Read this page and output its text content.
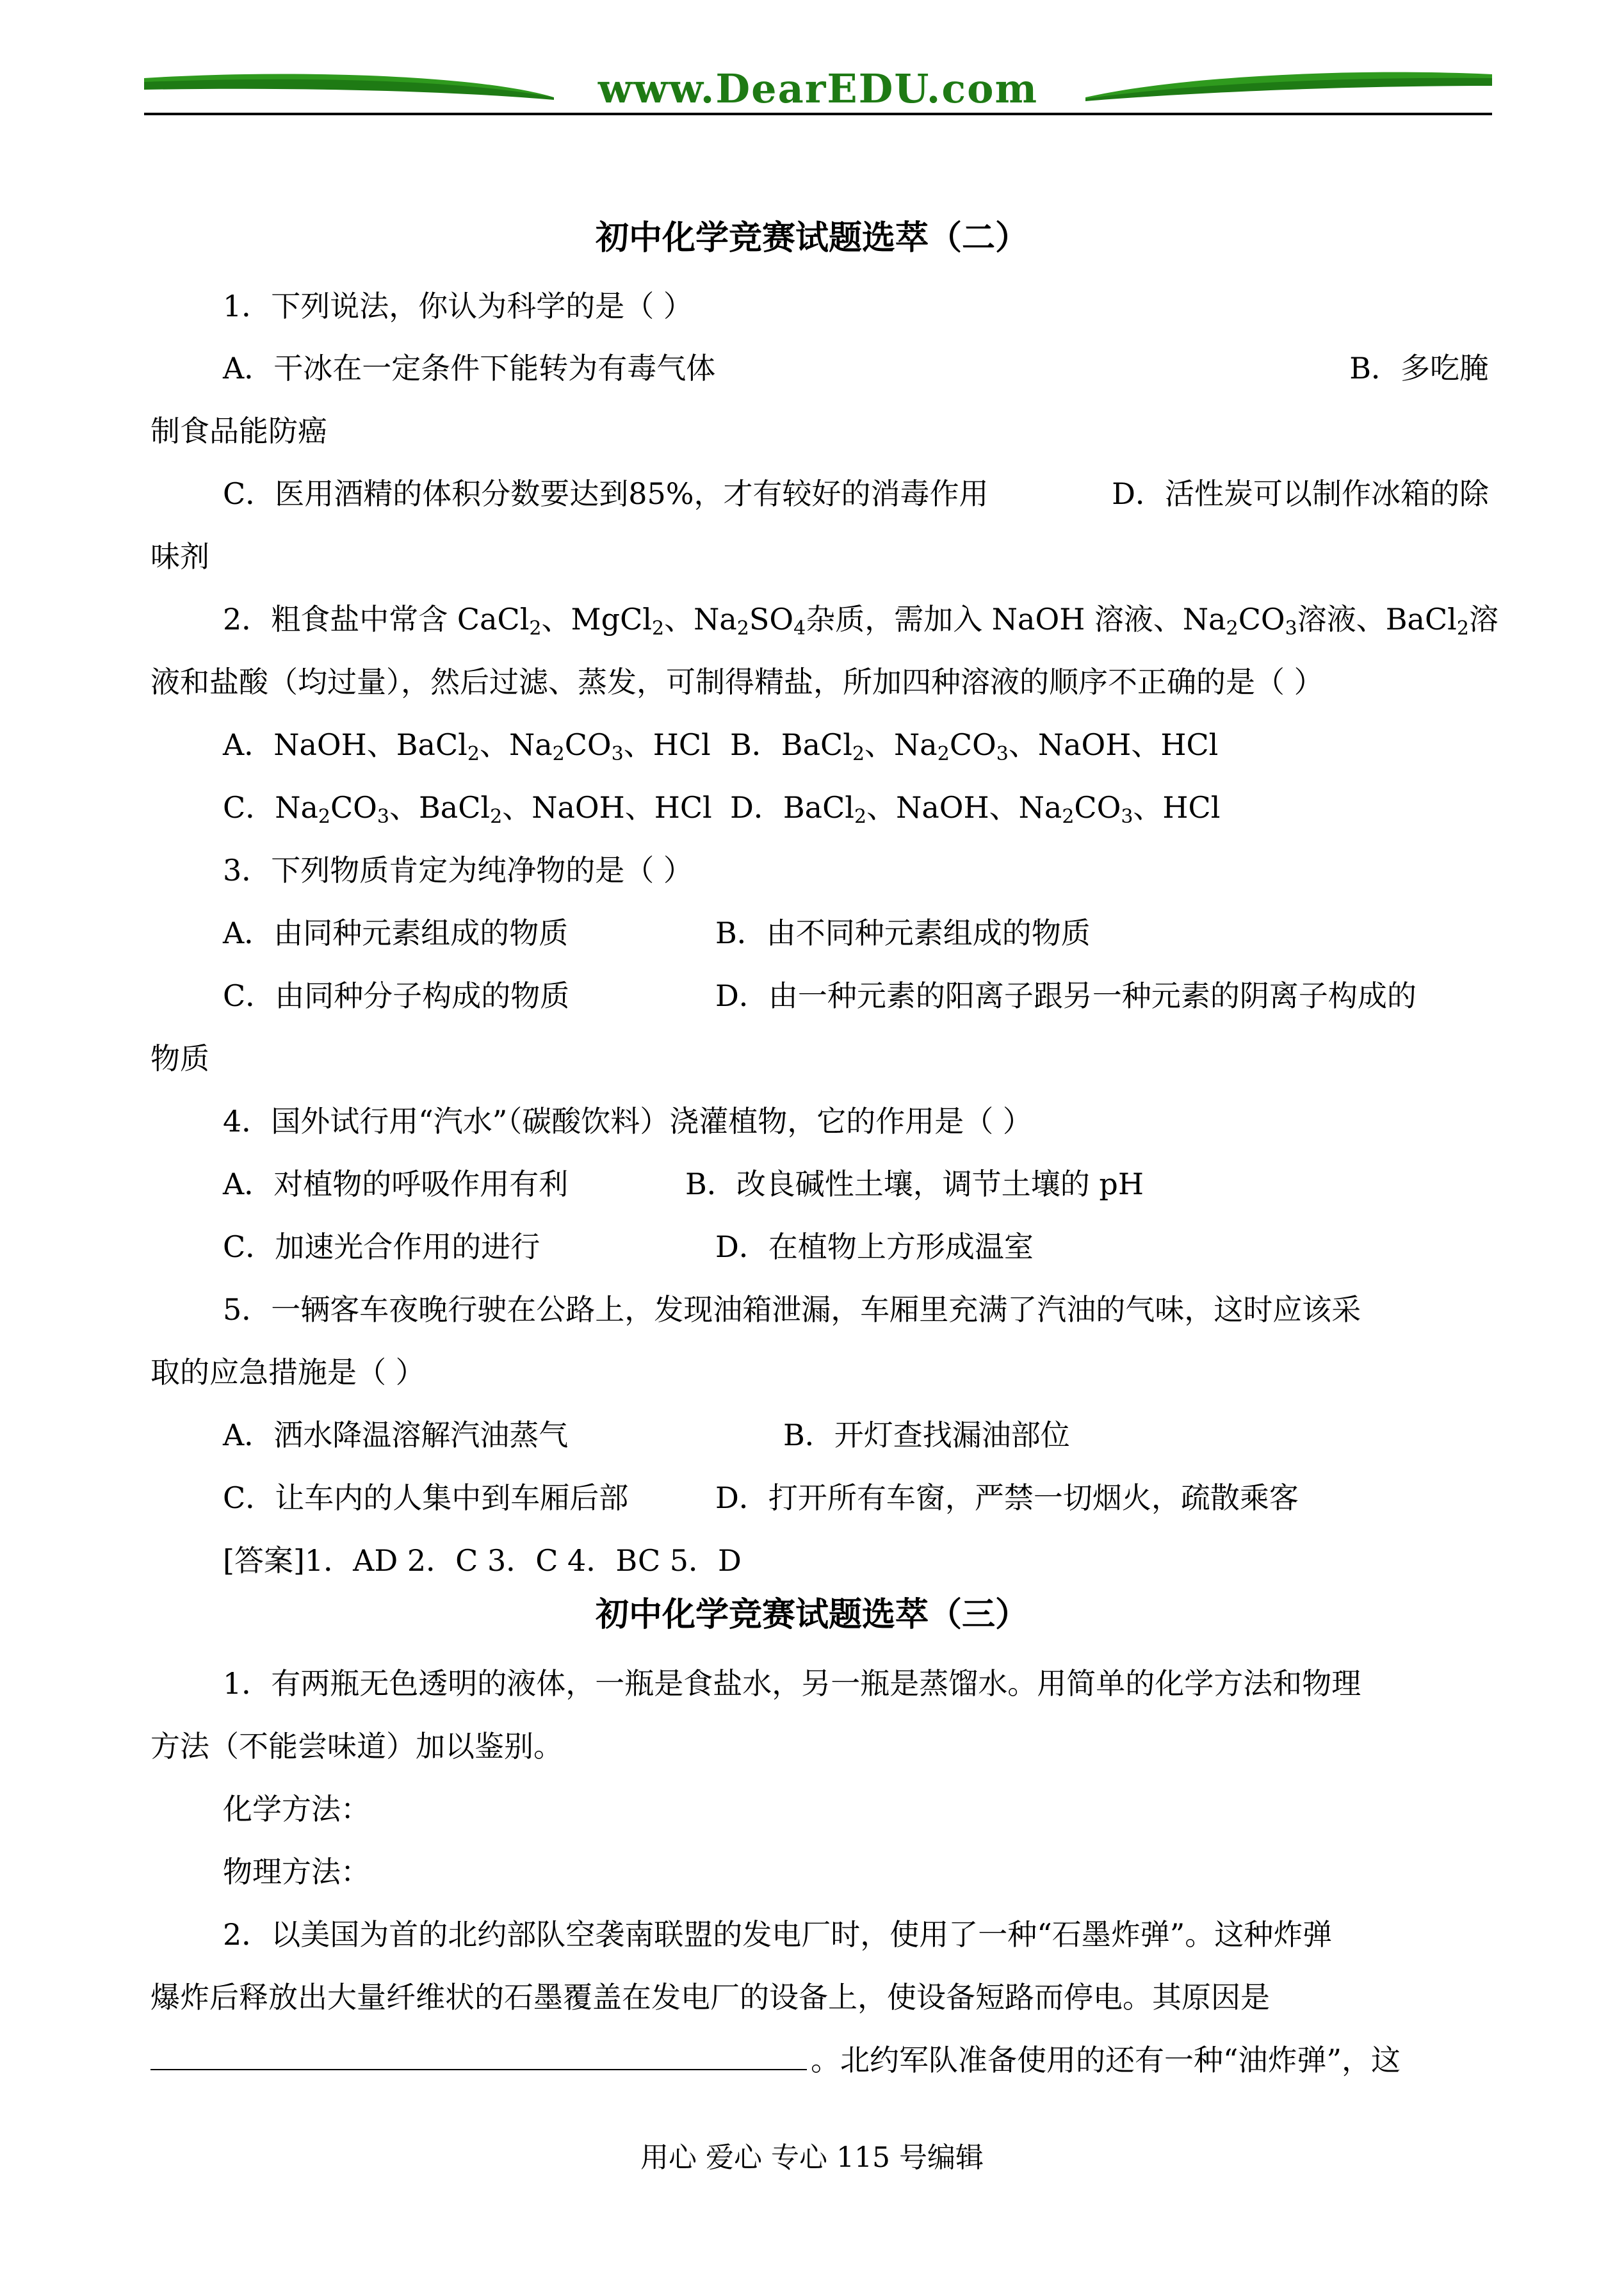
www.DearEDU.com
初中化学竞赛试题选萃（二）
1．下列说法，你认为科学的是（ ）
A．干冰在一定条件下能转为有毒气体	B．多吃腌
制食品能防癌
C．医用酒精的体积分数要达到85%，才有较好的消毒作用	D．活性炭可以制作冰箱的除
味剂
2．粗食盐中常含 CaCl$_2$、MgCl$_2$、$Na_2SO_4$杂质，需加入 NaOH 溶液、$Na_2CO_3$溶液、BaCl$_2$溶
液和盐酸（均过量），然后过滤、蒸发，可制得精盐，所加四种溶液的顺序不正确的是（ ）
A．NaOH、BaCl$_2$、$Na_2CO_3$、HCl B．BaCl$_2$、$Na_2CO_3$、NaOH、HCl
C．$Na_2CO_3$、BaCl$_2$、NaOH、HCl D．BaCl$_2$、NaOH、$Na_2CO_3$、HCl
3．下列物质肯定为纯净物的是（ ）
A．由同种元素组成的物质	B．由不同种元素组成的物质
C．由同种分子构成的物质	D．由一种元素的阳离子跟另一种元素的阴离子构成的
物质
4．国外试行用“汽水”（碳酸饮料）浇灌植物，它的作用是（ ）
A．对植物的呼吸作用有利	B．改良碱性土壤，调节土壤的 pH
C．加速光合作用的进行	D．在植物上方形成温室
5．一辆客车夜晚行驶在公路上，发现油箱泄漏，车厢里充满了汽油的气味，这时应该采
取的应急措施是（ ）
A．洒水降温溶解汽油蒸气	B．开灯查找漏油部位
C．让车内的人集中到车厢后部	D．打开所有车窗，严禁一切烟火，疏散乘客
[答案]1．AD 2．C 3．C 4．BC 5．D
初中化学竞赛试题选萃（三）
1．有两瓶无色透明的液体，一瓶是食盐水，另一瓶是蒸馏水。用简单的化学方法和物理
方法（不能尝味道）加以鉴别。
化学方法：
物理方法：
2．以美国为首的北约部队空袭南联盟的发电厂时，使用了一种“石墨炸弹”。这种炸弹
爆炸后释放出大量纤维状的石墨覆盖在发电厂的设备上，使设备短路而停电。其原因是
。北约军队准备使用的还有一种“油炸弹”，这
用心 爱心 专心 115 号编辑
